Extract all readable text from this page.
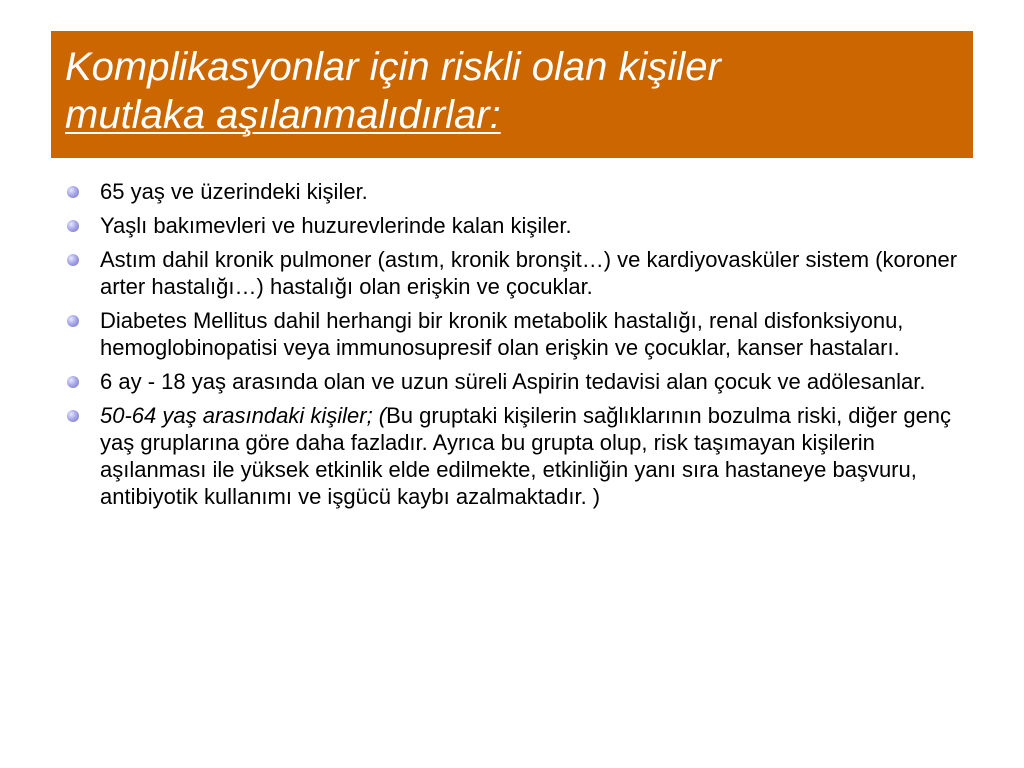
Komplikasyonlar için riskli olan kişiler
mutlaka aşılanmalıdırlar:
65 yaş ve üzerindeki kişiler.
Yaşlı bakımevleri ve huzurevlerinde kalan kişiler.
Astım dahil kronik pulmoner (astım, kronik bronşit…) ve kardiyovasküler sistem (koroner arter hastalığı…) hastalığı olan erişkin ve çocuklar.
Diabetes Mellitus dahil herhangi bir kronik metabolik hastalığı, renal disfonksiyonu, hemoglobinopatisi veya immunosupresif olan erişkin ve çocuklar, kanser hastaları.
6 ay - 18 yaş arasında olan ve uzun süreli Aspirin tedavisi alan çocuk ve adölesanlar.
50-64 yaş arasındaki kişiler; (Bu gruptaki kişilerin sağlıklarının bozulma riski, diğer genç yaş gruplarına göre daha fazladır. Ayrıca bu grupta olup, risk taşımayan kişilerin aşılanması ile yüksek etkinlik elde edilmekte, etkinliğin yanı sıra hastaneye başvuru, antibiyotik kullanımı ve işgücü kaybı azalmaktadır. )
